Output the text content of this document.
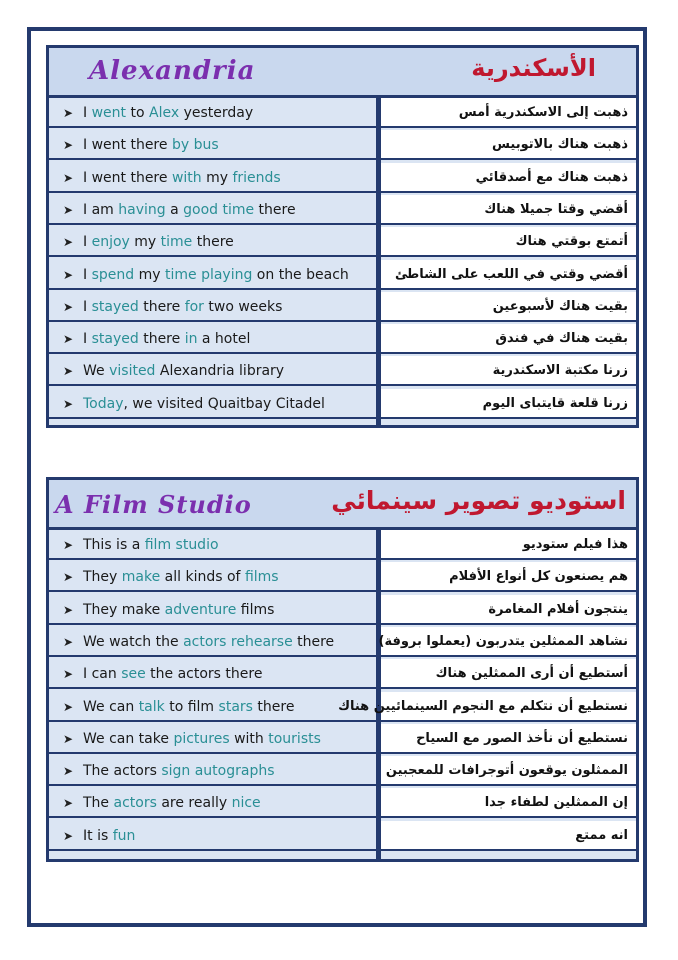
Alexandria	الأسكندرية
➤ I went to Alex yesterday	ذهبت إلى الاسكندرية أمس
➤ I went there by bus	ذهبت هناك بالاتوبيس
➤ I went there with my friends	ذهبت هناك مع أصدقائي
➤ I am having a good time there	أقضي وقتا جميلا هناك
➤ I enjoy my time there	أتمتع بوقتي هناك
➤ I spend my time playing on the beach	أقضي وقتي في اللعب على الشاطئ
➤ I stayed there for two weeks	بقيت هناك لأسبوعين
➤ I stayed there in a hotel	بقيت هناك في فندق
➤ We visited Alexandria library	زرنا مكتبة الاسكندرية
➤ Today, we visited Quaitbay Citadel	زرنا قلعة قايتباى اليوم
A Film Studio	استوديو تصوير سينمائي
➤ This is a film studio	هذا فيلم ستوديو
➤ They make all kinds of films	هم يصنعون كل أنواع الأفلام
➤ They make adventure films	ينتجون أفلام المغامرة
➤ We watch the actors rehearse there	نشاهد الممثلين يتدربون (يعملوا بروفة)
➤ I can see the actors there	أستطيع أن أرى الممثلين هناك
➤ We can talk to film stars there	نستطيع أن نتكلم مع النجوم السينمائيين هناك
➤ We can take pictures with tourists	نستطيع أن نأخذ الصور مع السياح
➤ The actors sign autographs	الممثلون يوقعون أتوجرافات للمعجبين
➤ The actors are really nice	إن الممثلين لطفاء جدا
➤ It is fun	انه ممتع
